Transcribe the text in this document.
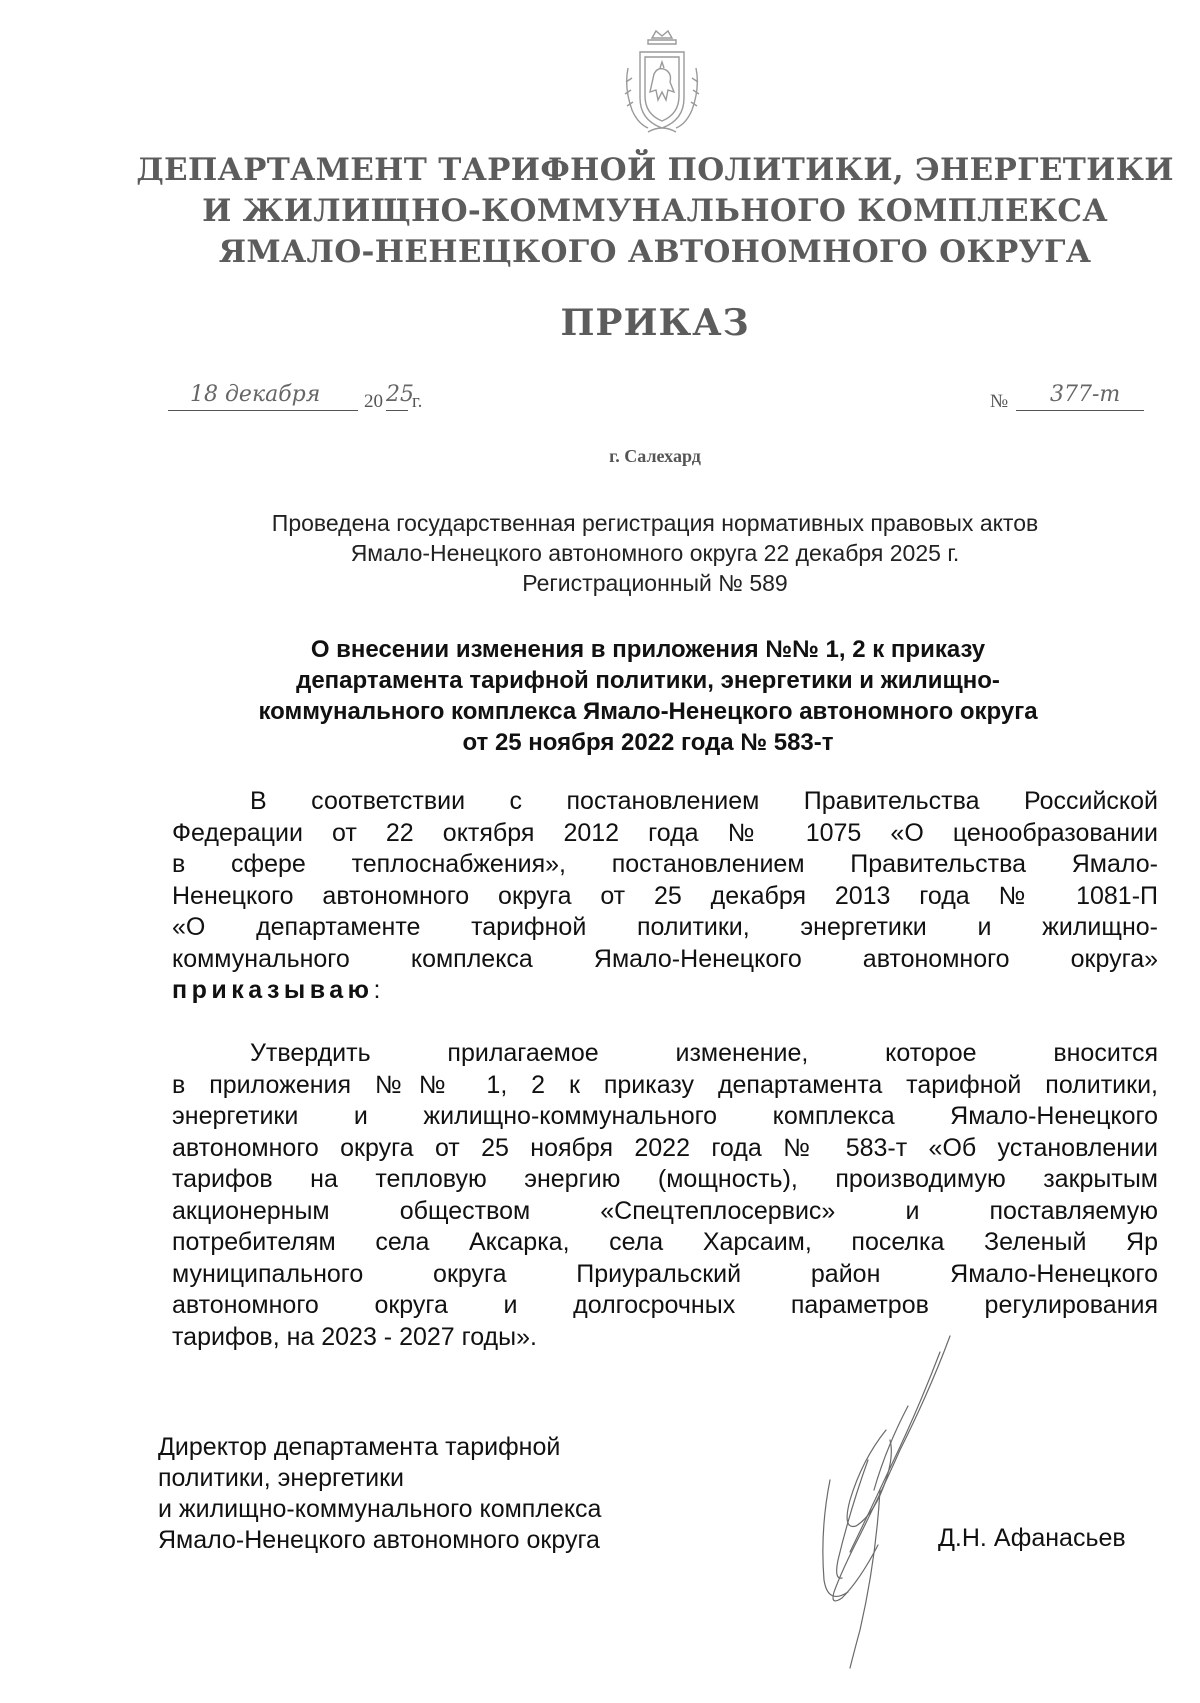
ДЕПАРТАМЕНТ ТАРИФНОЙ ПОЛИТИКИ, ЭНЕРГЕТИКИ
И ЖИЛИЩНО-КОММУНАЛЬНОГО КОМПЛЕКСА
ЯМАЛО-НЕНЕЦКОГО АВТОНОМНОГО ОКРУГА
ПРИКАЗ
18 декабря 20 25
г.	№ 377-т
г. Салехард
Проведена государственная регистрация нормативных правовых актов
Ямало-Ненецкого автономного округа 22 декабря 2025 г.
Регистрационный № 589
О внесении изменения в приложения №№ 1, 2 к приказу
департамента тарифной политики, энергетики и жилищно-
коммунального комплекса Ямало-Ненецкого автономного округа
от 25 ноября 2022 года № 583-т
В соответствии с постановлением Правительства Российской
Федерации от 22 октября 2012 года № 1075 «О ценообразовании
в сфере теплоснабжения», постановлением Правительства Ямало-
Ненецкого автономного округа от 25 декабря 2013 года № 1081-П
«О департаменте тарифной политики, энергетики и жилищно-
коммунального комплекса Ямало-Ненецкого автономного округа»
приказываю:
Утвердить прилагаемое изменение, которое вносится
в приложения №№ 1, 2 к приказу департамента тарифной политики,
энергетики и жилищно-коммунального комплекса Ямало-Ненецкого
автономного округа от 25 ноября 2022 года № 583-т «Об установлении
тарифов на тепловую энергию (мощность), производимую закрытым
акционерным обществом «Спецтеплосервис» и поставляемую
потребителям села Аксарка, села Харсаим, поселка Зеленый Яр
муниципального округа Приуральский район Ямало-Ненецкого
автономного округа и долгосрочных параметров регулирования
тарифов, на 2023 - 2027 годы».
Директор департамента тарифной
политики, энергетики
и жилищно-коммунального комплекса
Ямало-Ненецкого автономного округа	Д.Н. Афанасьев
